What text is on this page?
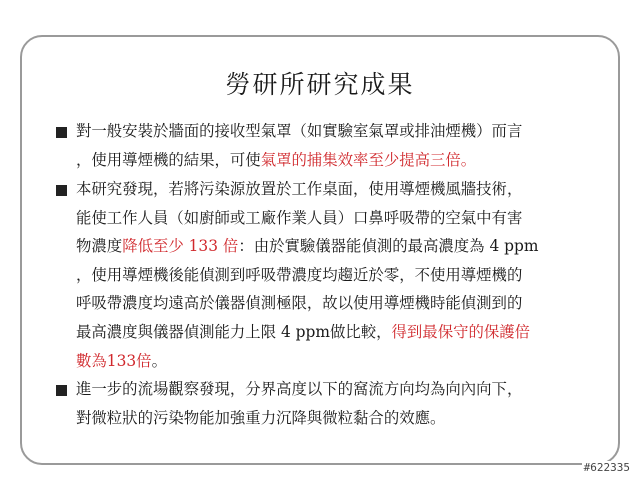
勞研所研究成果
對一般安裝於牆面的接收型氣罩（如實驗室氣罩或排油煙機）而言
，使用導煙機的結果，可使氣罩的捕集效率至少提高三倍。
本研究發現，若將污染源放置於工作桌面，使用導煙機風牆技術，
能使工作人員（如廚師或工廠作業人員）口鼻呼吸帶的空氣中有害
物濃度降低至少 133 倍：由於實驗儀器能偵測的最高濃度為 4 ppm
，使用導煙機後能偵測到呼吸帶濃度均趨近於零，不使用導煙機的
呼吸帶濃度均遠高於儀器偵測極限，故以使用導煙機時能偵測到的
最高濃度與儀器偵測能力上限 4 ppm做比較，得到最保守的保護倍
數為133倍。
進一步的流場觀察發現，分界高度以下的窩流方向均為向內向下，
對微粒狀的污染物能加強重力沉降與微粒黏合的效應。
#622335
